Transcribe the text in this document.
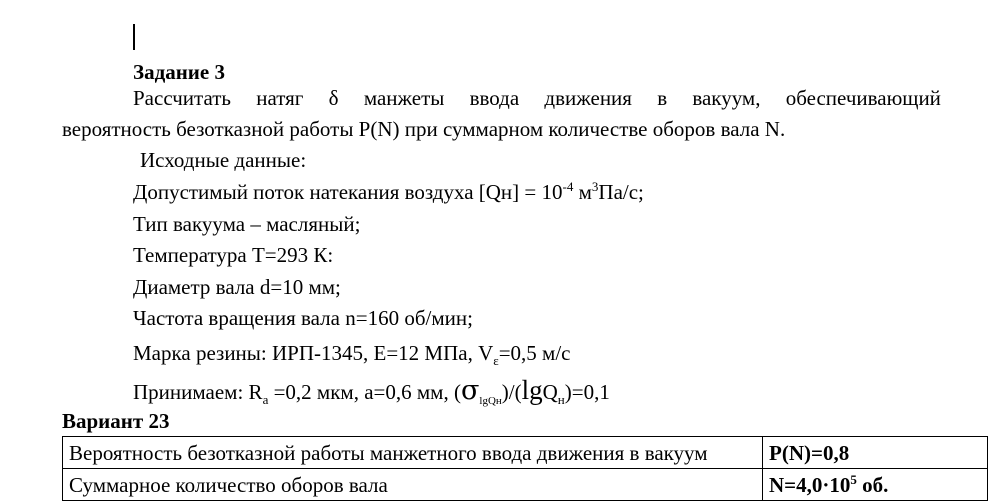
Задание 3
Рассчитать натяг δ манжеты ввода движения в вакуум, обеспечивающий
вероятность безотказной работы P(N) при суммарном количестве оборов вала N.
Исходные данные:
Допустимый поток натекания воздуха $[Qн] = 10^{-4}$ $м^3Па/с$;
Тип вакуума – масляный;
Температура Т=293 К:
Диаметр вала d=10 мм;
Частота вращения вала n=160 об/мин;
Марка резины: ИРП-1345, Е=12 МПа, $V_\varepsilon=0,5$ м/с
Принимаем: $R_a =0,2$ мкм, a=0,6 мм, $(\sigma_{lgQн})/(\lg Q_н)=0,1$
Вариант 23
Вероятность безотказной работы манжетного ввода движения в вакуум	P(N)=0,8
Суммарное количество оборов вала	$N=4,0\cdot 10^5$ об.
